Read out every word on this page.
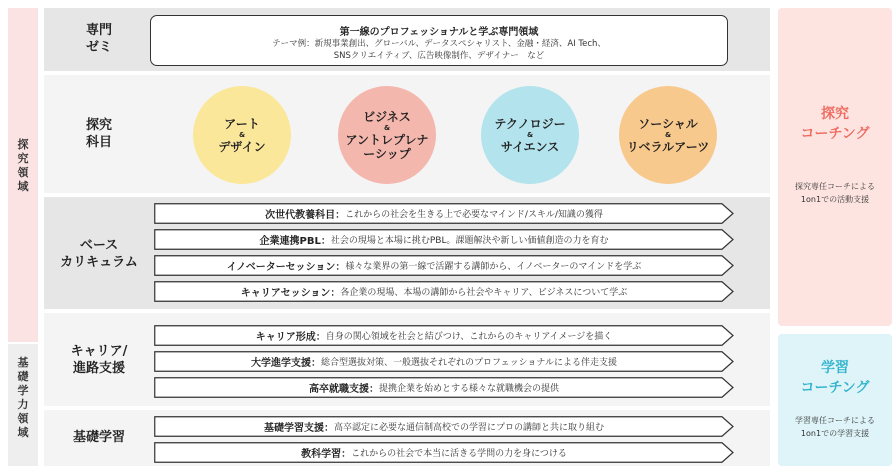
探
究
領
域
基
礎
学
力
領
域
専門
ゼミ
第一線のプロフェッショナルと学ぶ専門領域
テーマ例：新規事業創出、グローバル、データスペシャリスト、金融・経済、AI Tech、
SNSクリエイティブ、広告映像制作、デザイナー　など
探究
科目
アート
&
デザイン
ビジネス
&
アントレプレナーシップ
テクノロジー
&
サイエンス
ソーシャル
&
リベラルアーツ
ベース
カリキュラム
キャリア/
進路支援
基礎学習
次世代教養科目： これからの社会を生きる上で必要なマインド/スキル/知識の獲得
企業連携PBL： 社会の現場と本場に挑むPBL。課題解決や新しい価値創造の力を育む
イノベーターセッション： 様々な業界の第一線で活躍する講師から、イノベーターのマインドを学ぶ
キャリアセッション： 各企業の現場、本場の講師から社会やキャリア、ビジネスについて学ぶ
キャリア形成： 自身の関心領域を社会と結びつけ、これからのキャリアイメージを描く
大学進学支援： 総合型選抜対策、一般選抜それぞれのプロフェッショナルによる伴走支援
高卒就職支援： 提携企業を始めとする様々な就職機会の提供
基礎学習支援： 高卒認定に必要な通信制高校での学習にプロの講師と共に取り組む
教科学習： これからの社会で本当に活きる学問の力を身につける
探究
コーチング
探究専任コーチによる
1on1での活動支援
学習
コーチング
学習専任コーチによる
1on1での学習支援
